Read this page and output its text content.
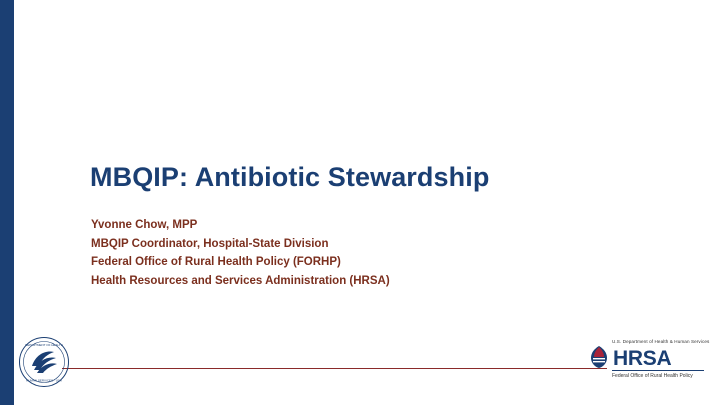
MBQIP: Antibiotic Stewardship
Yvonne Chow, MPP
MBQIP Coordinator, Hospital-State Division
Federal Office of Rural Health Policy (FORHP)
Health Resources and Services Administration (HRSA)
DEPARTMENT OF HEALTH
HUMAN SERVICES · USA
U.S. Department of Health & Human Services
HRSA
Federal Office of Rural Health Policy
